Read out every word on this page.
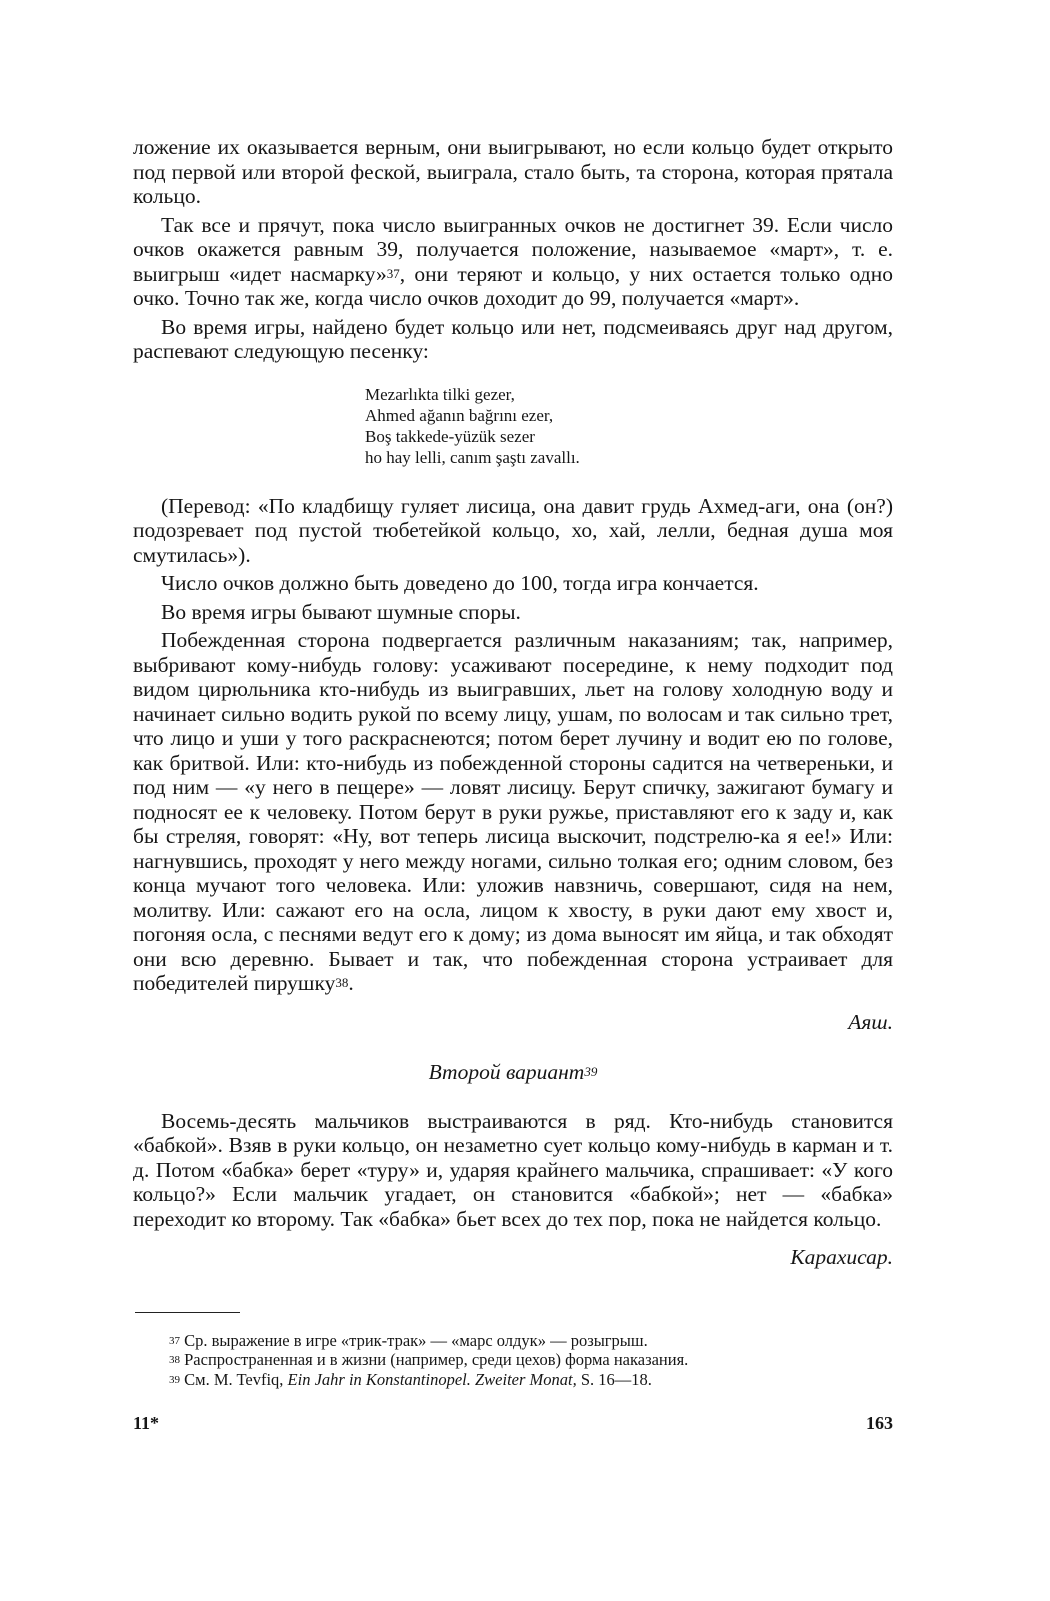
ложение их оказывается верным, они выигрывают, но если кольцо будет открыто под первой или второй феской, выиграла, стало быть, та сторона, которая прятала кольцо.

Так все и прячут, пока число выигранных очков не достигнет 39. Если число очков окажется равным 39, получается положение, называемое «март», т. е. выигрыш «идет насмарку»$^{37}$, они теряют и кольцо, у них остается только одно очко. Точно так же, когда число очков доходит до 99, получается «март».

Во время игры, найдено будет кольцо или нет, подсмеиваясь друг над другом, распевают следующую песенку:

Mezarlıkta tilki gezer,
Ahmed ağanın bağrını ezer,
Boş takkede-yüzük sezer
ho hay lelli, canım şaştı zavallı.

(Перевод: «По кладбищу гуляет лисица, она давит грудь Ахмед-аги, она (он?) подозревает под пустой тюбетейкой кольцо, хо, хай, лелли, бедная душа моя смутилась»).

Число очков должно быть доведено до 100, тогда игра кончается.

Во время игры бывают шумные споры.

Побежденная сторона подвергается различным наказаниям; так, например, выбривают кому-нибудь голову: усаживают посередине, к нему подходит под видом цирюльника кто-нибудь из выигравших, льет на голову холодную воду и начинает сильно водить рукой по всему лицу, ушам, по волосам и так сильно трет, что лицо и уши у того раскраснеются; потом берет лучину и водит ею по голове, как бритвой. Или: кто-нибудь из побежденной стороны садится на четвереньки, и под ним — «у него в пещере» — ловят лисицу. Берут спичку, зажигают бумагу и подносят ее к человеку. Потом берут в руки ружье, приставляют его к заду и, как бы стреляя, говорят: «Ну, вот теперь лисица выскочит, подстрелю-ка я ее!» Или: нагнувшись, проходят у него между ногами, сильно толкая его; одним словом, без конца мучают того человека. Или: уложив навзничь, совершают, сидя на нем, молитву. Или: сажают его на осла, лицом к хвосту, в руки дают ему хвост и, погоняя осла, с песнями ведут его к дому; из дома выносят им яйца, и так обходят они всю деревню. Бывает и так, что побежденная сторона устраивает для победителей пирушку$^{38}$.

Аяш.
Второй вариант$^{39}$

Восемь-десять мальчиков выстраиваются в ряд. Кто-нибудь становится «бабкой». Взяв в руки кольцо, он незаметно сует кольцо кому-нибудь в карман и т. д. Потом «бабка» берет «туру» и, ударяя крайнего мальчика, спрашивает: «У кого кольцо?» Если мальчик угадает, он становится «бабкой»; нет — «бабка» переходит ко второму. Так «бабка» бьет всех до тех пор, пока не найдется кольцо.

Карахисар.
$^{37}$ Ср. выражение в игре «трик-трак» — «марс олдук» — розыгрыш.
$^{38}$ Распространенная и в жизни (например, среди цехов) форма наказания.
$^{39}$ См. M. Tevfiq, Ein Jahr in Konstantinopel. Zweiter Monat, S. 16—18.
11*	163
